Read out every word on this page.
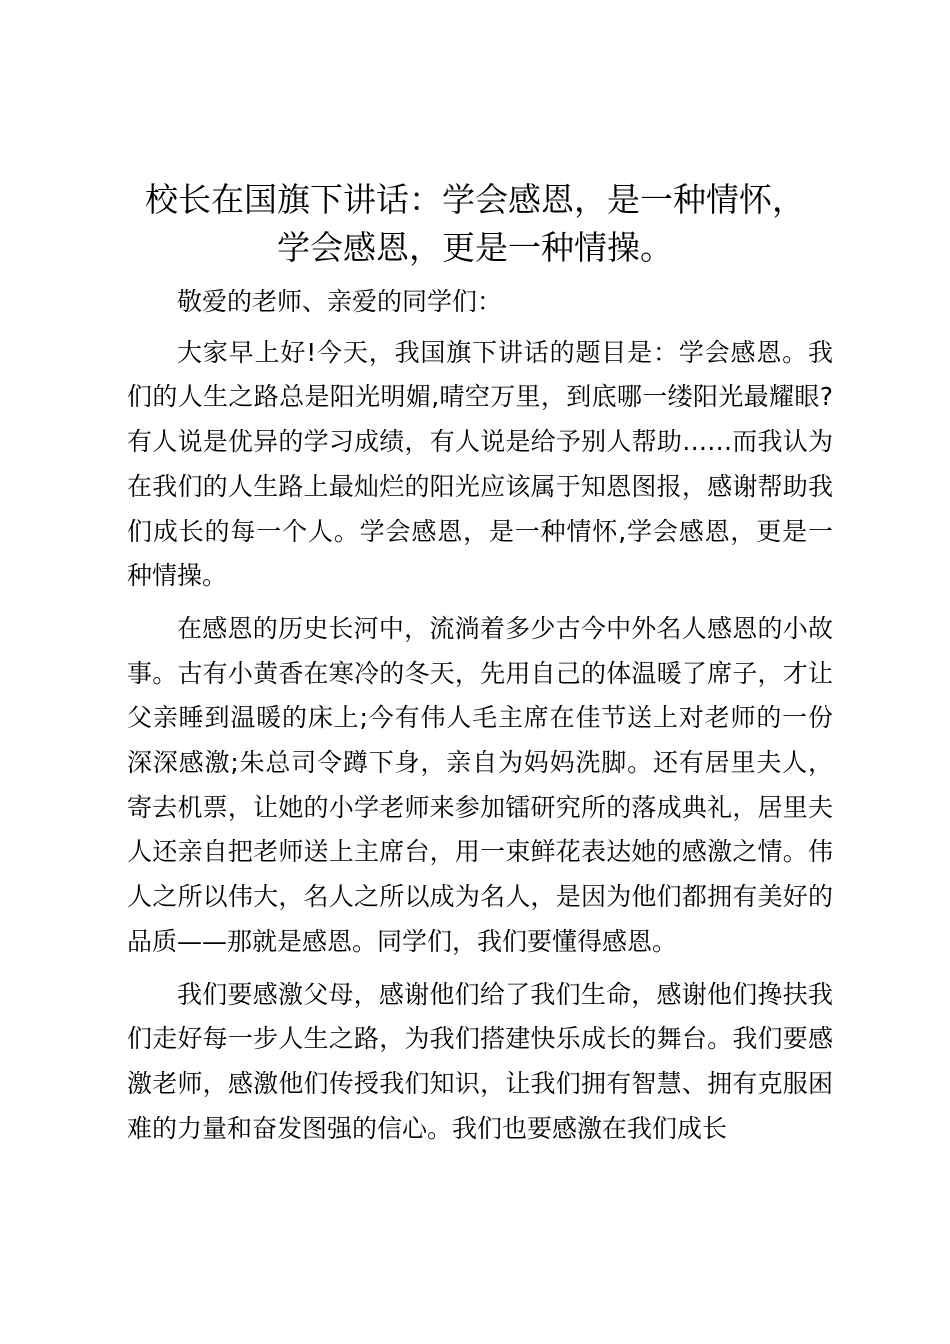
校长在国旗下讲话：学会感恩，是一种情怀，
学会感恩，更是一种情操。

敬爱的老师、亲爱的同学们：

大家早上好!今天，我国旗下讲话的题目是：学会感恩。我们的人生之路总是阳光明媚,晴空万里，到底哪一缕阳光最耀眼?有人说是优异的学习成绩，有人说是给予别人帮助……而我认为在我们的人生路上最灿烂的阳光应该属于知恩图报，感谢帮助我们成长的每一个人。学会感恩，是一种情怀,学会感恩，更是一种情操。

在感恩的历史长河中，流淌着多少古今中外名人感恩的小故事。古有小黄香在寒冷的冬天，先用自己的体温暖了席子，才让父亲睡到温暖的床上;今有伟人毛主席在佳节送上对老师的一份深深感激;朱总司令蹲下身，亲自为妈妈洗脚。还有居里夫人，寄去机票，让她的小学老师来参加镭研究所的落成典礼，居里夫人还亲自把老师送上主席台，用一束鲜花表达她的感激之情。伟人之所以伟大，名人之所以成为名人，是因为他们都拥有美好的品质——那就是感恩。同学们，我们要懂得感恩。

我们要感激父母，感谢他们给了我们生命，感谢他们搀扶我们走好每一步人生之路，为我们搭建快乐成长的舞台。我们要感激老师，感激他们传授我们知识，让我们拥有智慧、拥有克服困难的力量和奋发图强的信心。我们也要感激在我们成长
